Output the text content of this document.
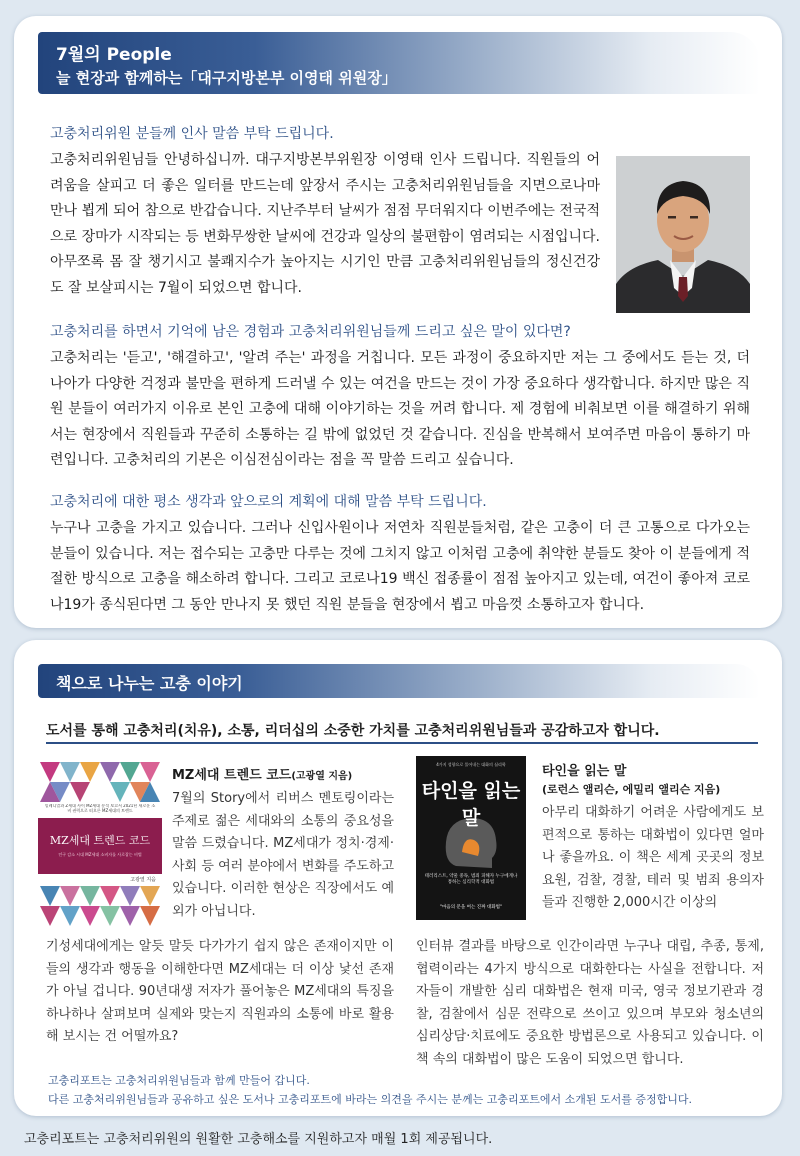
7월의 People
늘 현장과 함께하는「대구지방본부 이영태 위원장」
고충처리위원 분들께 인사 말씀 부탁 드립니다.
고충처리위원님들 안녕하십니까. 대구지방본부위원장 이영태 인사 드립니다. 직원들의 어려움을 살피고 더 좋은 일터를 만드는데 앞장서 주시는 고충처리위원님들을 지면으로나마 만나 뵙게 되어 참으로 반갑습니다. 지난주부터 날씨가 점점 무더워지다 이번주에는 전국적으로 장마가 시작되는 등 변화무쌍한 날씨에 건강과 일상의 불편함이 염려되는 시점입니다. 아무쪼록 몸 잘 챙기시고 불쾌지수가 높아지는 시기인 만큼 고충처리위원님들의 정신건강도 잘 보살피시는 7월이 되었으면 합니다.
고충처리를 하면서 기억에 남은 경험과 고충처리위원님들께 드리고 싶은 말이 있다면?
고충처리는 '듣고', '해결하고', '알려 주는' 과정을 거칩니다. 모든 과정이 중요하지만 저는 그 중에서도 듣는 것, 더 나아가 다양한 걱정과 불만을 편하게 드러낼 수 있는 여건을 만드는 것이 가장 중요하다 생각합니다. 하지만 많은 직원 분들이 여러가지 이유로 본인 고충에 대해 이야기하는 것을 꺼려 합니다. 제 경험에 비춰보면 이를 해결하기 위해서는 현장에서 직원들과 꾸준히 소통하는 길 밖에 없었던 것 같습니다. 진심을 반복해서 보여주면 마음이 통하기 마련입니다. 고충처리의 기본은 이심전심이라는 점을 꼭 말씀 드리고 싶습니다.
고충처리에 대한 평소 생각과 앞으로의 계획에 대해 말씀 부탁 드립니다.
누구나 고충을 가지고 있습니다. 그러나 신입사원이나 저연차 직원분들처럼, 같은 고충이 더 큰 고통으로 다가오는 분들이 있습니다. 저는 접수되는 고충만 다루는 것에 그치지 않고 이처럼 고충에 취약한 분들도 찾아 이 분들에게 적절한 방식으로 고충을 해소하려 합니다. 그리고 코로나19 백신 접종률이 점점 높아지고 있는데, 여건이 좋아져 코로나19가 종식된다면 그 동안 만나지 못 했던 직원 분들을 현장에서 뵙고 마음껏 소통하고자 합니다.
책으로 나누는 고충 이야기
도서를 통해 고충처리(치유), 소통, 리더십의 소중한 가치를 고충처리위원님들과 공감하고자 합니다.
밀레니얼과 Z세대 사이 MZ세대 분석 보고서 2021년 새로운 소비 권력으로 떠오른 MZ세대의 트렌드
MZ세대 트렌드 코드
인구 감소 시대 MZ세대 소비자를 사로잡는 비법
고광열 지음
MZ세대 트렌드 코드(고광열 지음)
7월의 Story에서 리버스 멘토링이라는 주제로 젊은 세대와의 소통의 중요성을 말씀 드렸습니다. MZ세대가 정치·경제·사회 등 여러 분야에서 변화를 주도하고 있습니다. 이러한 현상은 직장에서도 예외가 아닙니다.
기성세대에게는 알듯 말듯 다가가기 쉽지 않은 존재이지만 이들의 생각과 행동을 이해한다면 MZ세대는 더 이상 낯선 존재가 아닐 겁니다. 90년대생 저자가 풀어놓은 MZ세대의 특징을 하나하나 살펴보며 실제와 맞는지 직원과의 소통에 바로 활용해 보시는 건 어떨까요?
4가지 성향으로 풀어내는 대화의 심리학
타인을 읽는 말
테러리스트, 약물 중독, 범죄 피해자 누구에게나 통하는 심리학적 대화법
"마음의 문을 여는 진짜 대화법"
타인을 읽는 말
(로런스 앨리슨, 에밀리 앨리슨 지음)
아무리 대화하기 어려운 사람에게도 보편적으로 통하는 대화법이 있다면 얼마나 좋을까요. 이 책은 세계 곳곳의 정보요원, 검찰, 경찰, 테러 및 범죄 용의자들과 진행한 2,000시간 이상의
인터뷰 결과를 바탕으로 인간이라면 누구나 대립, 추종, 통제, 협력이라는 4가지 방식으로 대화한다는 사실을 전합니다. 저자들이 개발한 심리 대화법은 현재 미국, 영국 정보기관과 경찰, 검찰에서 심문 전략으로 쓰이고 있으며 부모와 청소년의 심리상담·치료에도 중요한 방법론으로 사용되고 있습니다. 이 책 속의 대화법이 많은 도움이 되었으면 합니다.
고충리포트는 고충처리위원님들과 함께 만들어 갑니다.
다른 고충처리위원님들과 공유하고 싶은 도서나 고충리포트에 바라는 의견을 주시는 분께는 고충리포트에서 소개된 도서를 증정합니다.
고충리포트는 고충처리위원의 원활한 고충해소를 지원하고자 매월 1회 제공됩니다.
